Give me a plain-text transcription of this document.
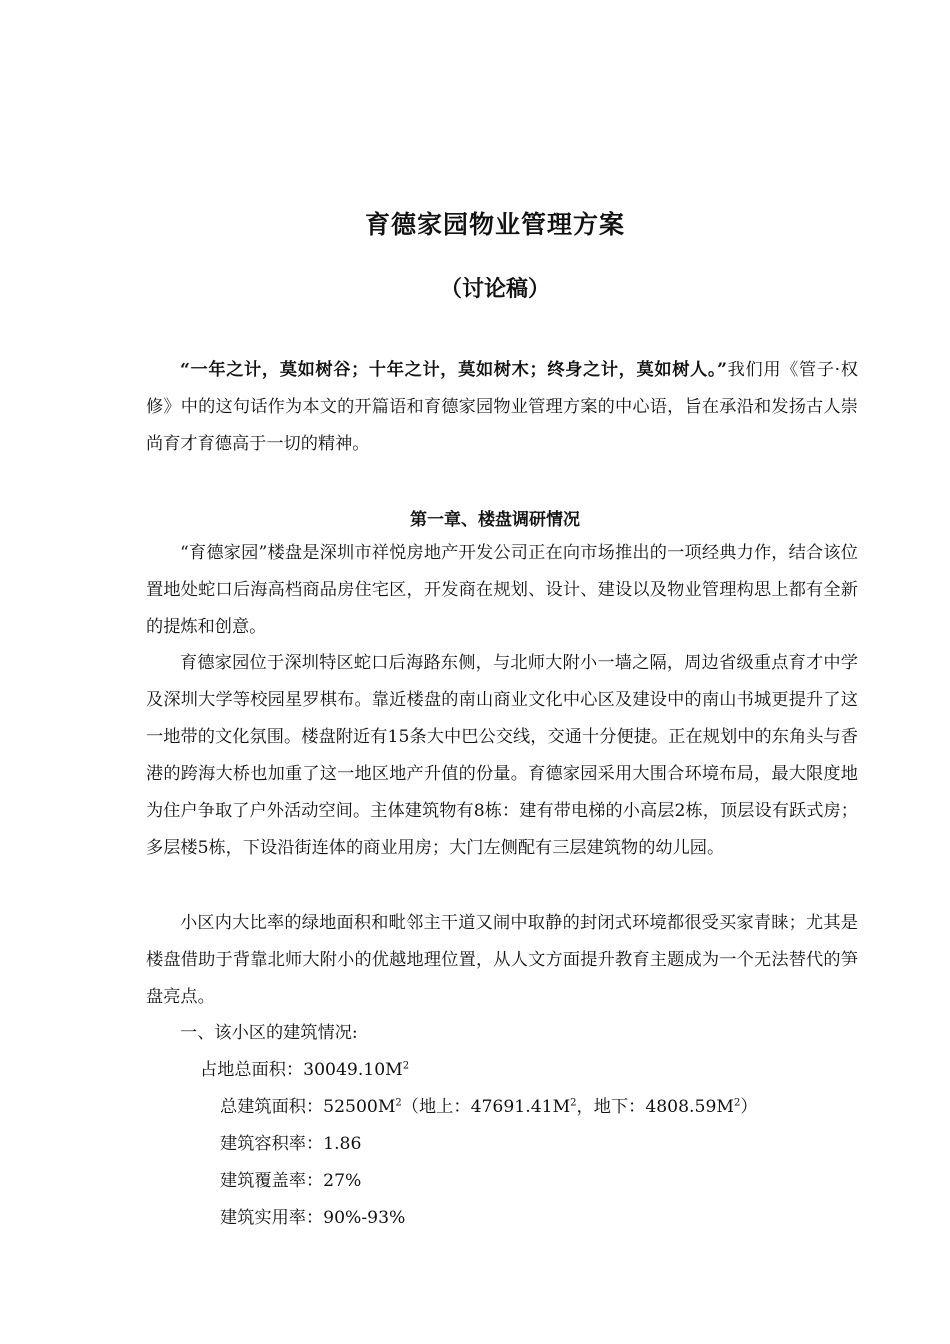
育德家园物业管理方案
（讨论稿）
“一年之计，莫如树谷；十年之计，莫如树木；终身之计，莫如树人。”我们用《管子·权修》中的这句话作为本文的开篇语和育德家园物业管理方案的中心语，旨在承沿和发扬古人崇尚育才育德高于一切的精神。
第一章、楼盘调研情况
“育德家园”楼盘是深圳市祥悦房地产开发公司正在向市场推出的一项经典力作，结合该位置地处蛇口后海高档商品房住宅区，开发商在规划、设计、建设以及物业管理构思上都有全新的提炼和创意。
育德家园位于深圳特区蛇口后海路东侧，与北师大附小一墙之隔，周边省级重点育才中学及深圳大学等校园星罗棋布。靠近楼盘的南山商业文化中心区及建设中的南山书城更提升了这一地带的文化氛围。楼盘附近有15条大中巴公交线，交通十分便捷。正在规划中的东角头与香港的跨海大桥也加重了这一地区地产升值的份量。育德家园采用大围合环境布局，最大限度地为住户争取了户外活动空间。主体建筑物有8栋：建有带电梯的小高层2栋，顶层设有跃式房；多层楼5栋，下设沿街连体的商业用房；大门左侧配有三层建筑物的幼儿园。
小区内大比率的绿地面积和毗邻主干道又闹中取静的封闭式环境都很受买家青睐；尤其是楼盘借助于背靠北师大附小的优越地理位置，从人文方面提升教育主题成为一个无法替代的笋盘亮点。
一、该小区的建筑情况:
占地总面积：$30049.10M^2$
总建筑面积：$52500M^2$（地上：$47691.41M^2$，地下：$4808.59M^2$）
建筑容积率：1.86
建筑覆盖率：27%
建筑实用率：90%-93%
